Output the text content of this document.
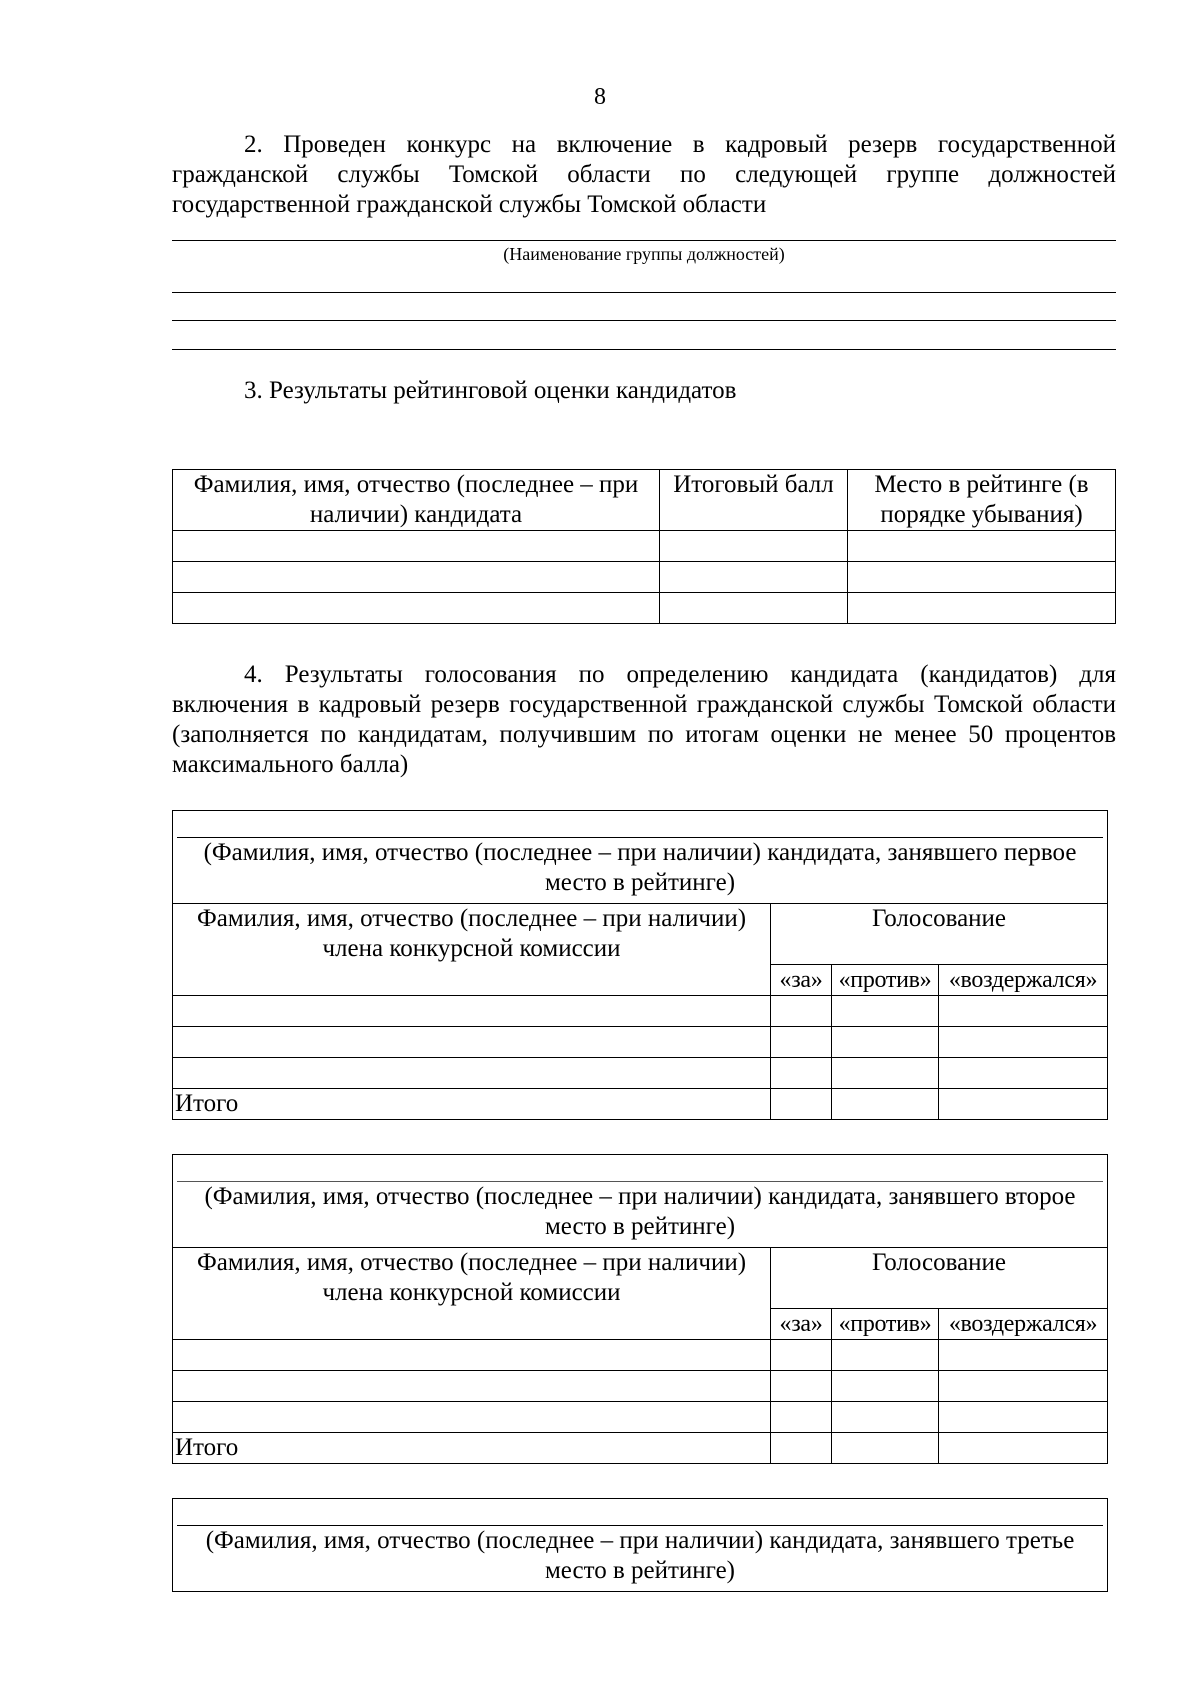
8

2. Проведен конкурс на включение в кадровый резерв государственной гражданской службы Томской области по следующей группе должностей государственной гражданской службы Томской области

(Наименование группы должностей)

3. Результаты рейтинговой оценки кандидатов

Фамилия, имя, отчество (последнее – при наличии) кандидата	Итоговый балл	Место в рейтинге (в порядке убывания)

4. Результаты голосования по определению кандидата (кандидатов) для включения в кадровый резерв государственной гражданской службы Томской области (заполняется по кандидатам, получившим по итогам оценки не менее 50 процентов максимального балла)

(Фамилия, имя, отчество (последнее – при наличии) кандидата, занявшего первое место в рейтинге)			

Фамилия, имя, отчество (последнее – при наличии) члена конкурсной комиссии	Голосование		
	«за»	«против»	«воздержался»

Итого			
(Фамилия, имя, отчество (последнее – при наличии) кандидата, занявшего второе место в рейтинге)			

Фамилия, имя, отчество (последнее – при наличии) члена конкурсной комиссии	Голосование		
	«за»	«против»	«воздержался»

Итого			
(Фамилия, имя, отчество (последнее – при наличии) кандидата, занявшего третье место в рейтинге)
